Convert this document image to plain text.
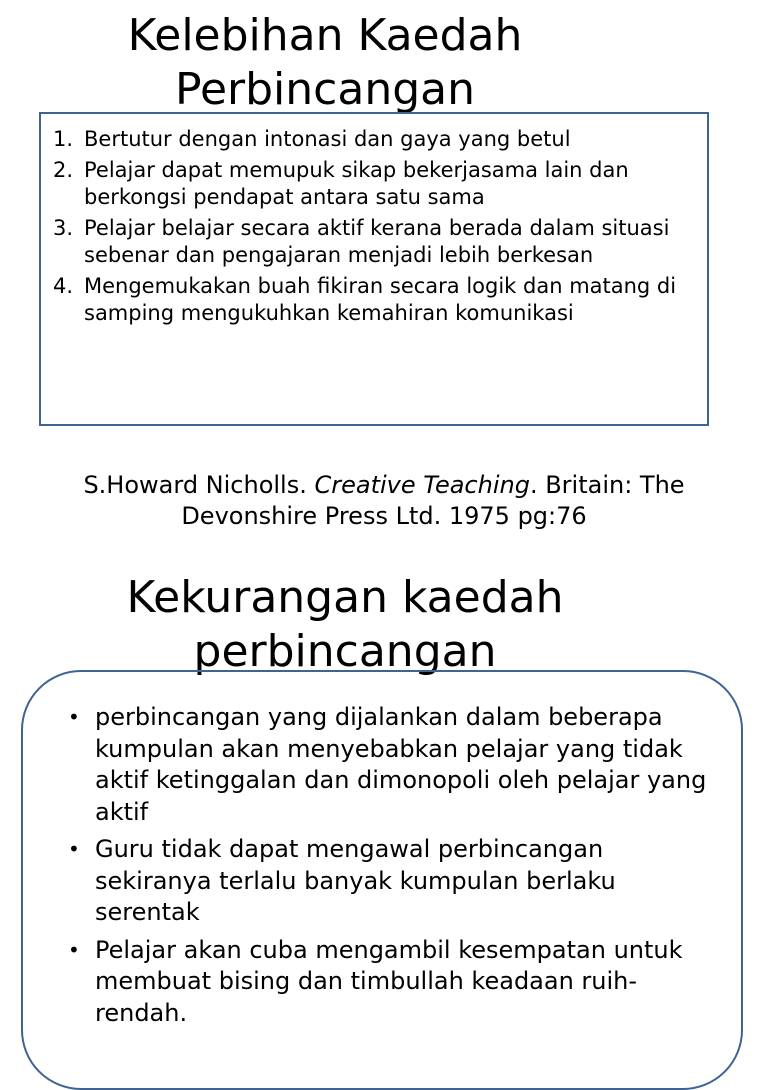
Kelebihan Kaedah
Perbincangan
1. Bertutur dengan intonasi dan gaya yang betul
2. Pelajar dapat memupuk sikap bekerjasama lain dan berkongsi pendapat antara satu sama
3. Pelajar belajar secara aktif kerana berada dalam situasi sebenar dan pengajaran menjadi lebih berkesan
4. Mengemukakan buah fikiran secara logik dan matang di samping mengukuhkan kemahiran komunikasi
S.Howard Nicholls. Creative Teaching. Britain: The Devonshire Press Ltd. 1975 pg:76
Kekurangan kaedah
perbincangan
• perbincangan yang dijalankan dalam beberapa kumpulan akan menyebabkan pelajar yang tidak aktif ketinggalan dan dimonopoli oleh pelajar yang aktif
• Guru tidak dapat mengawal perbincangan sekiranya terlalu banyak kumpulan berlaku serentak
• Pelajar akan cuba mengambil kesempatan untuk membuat bising dan timbullah keadaan ruih-rendah.
